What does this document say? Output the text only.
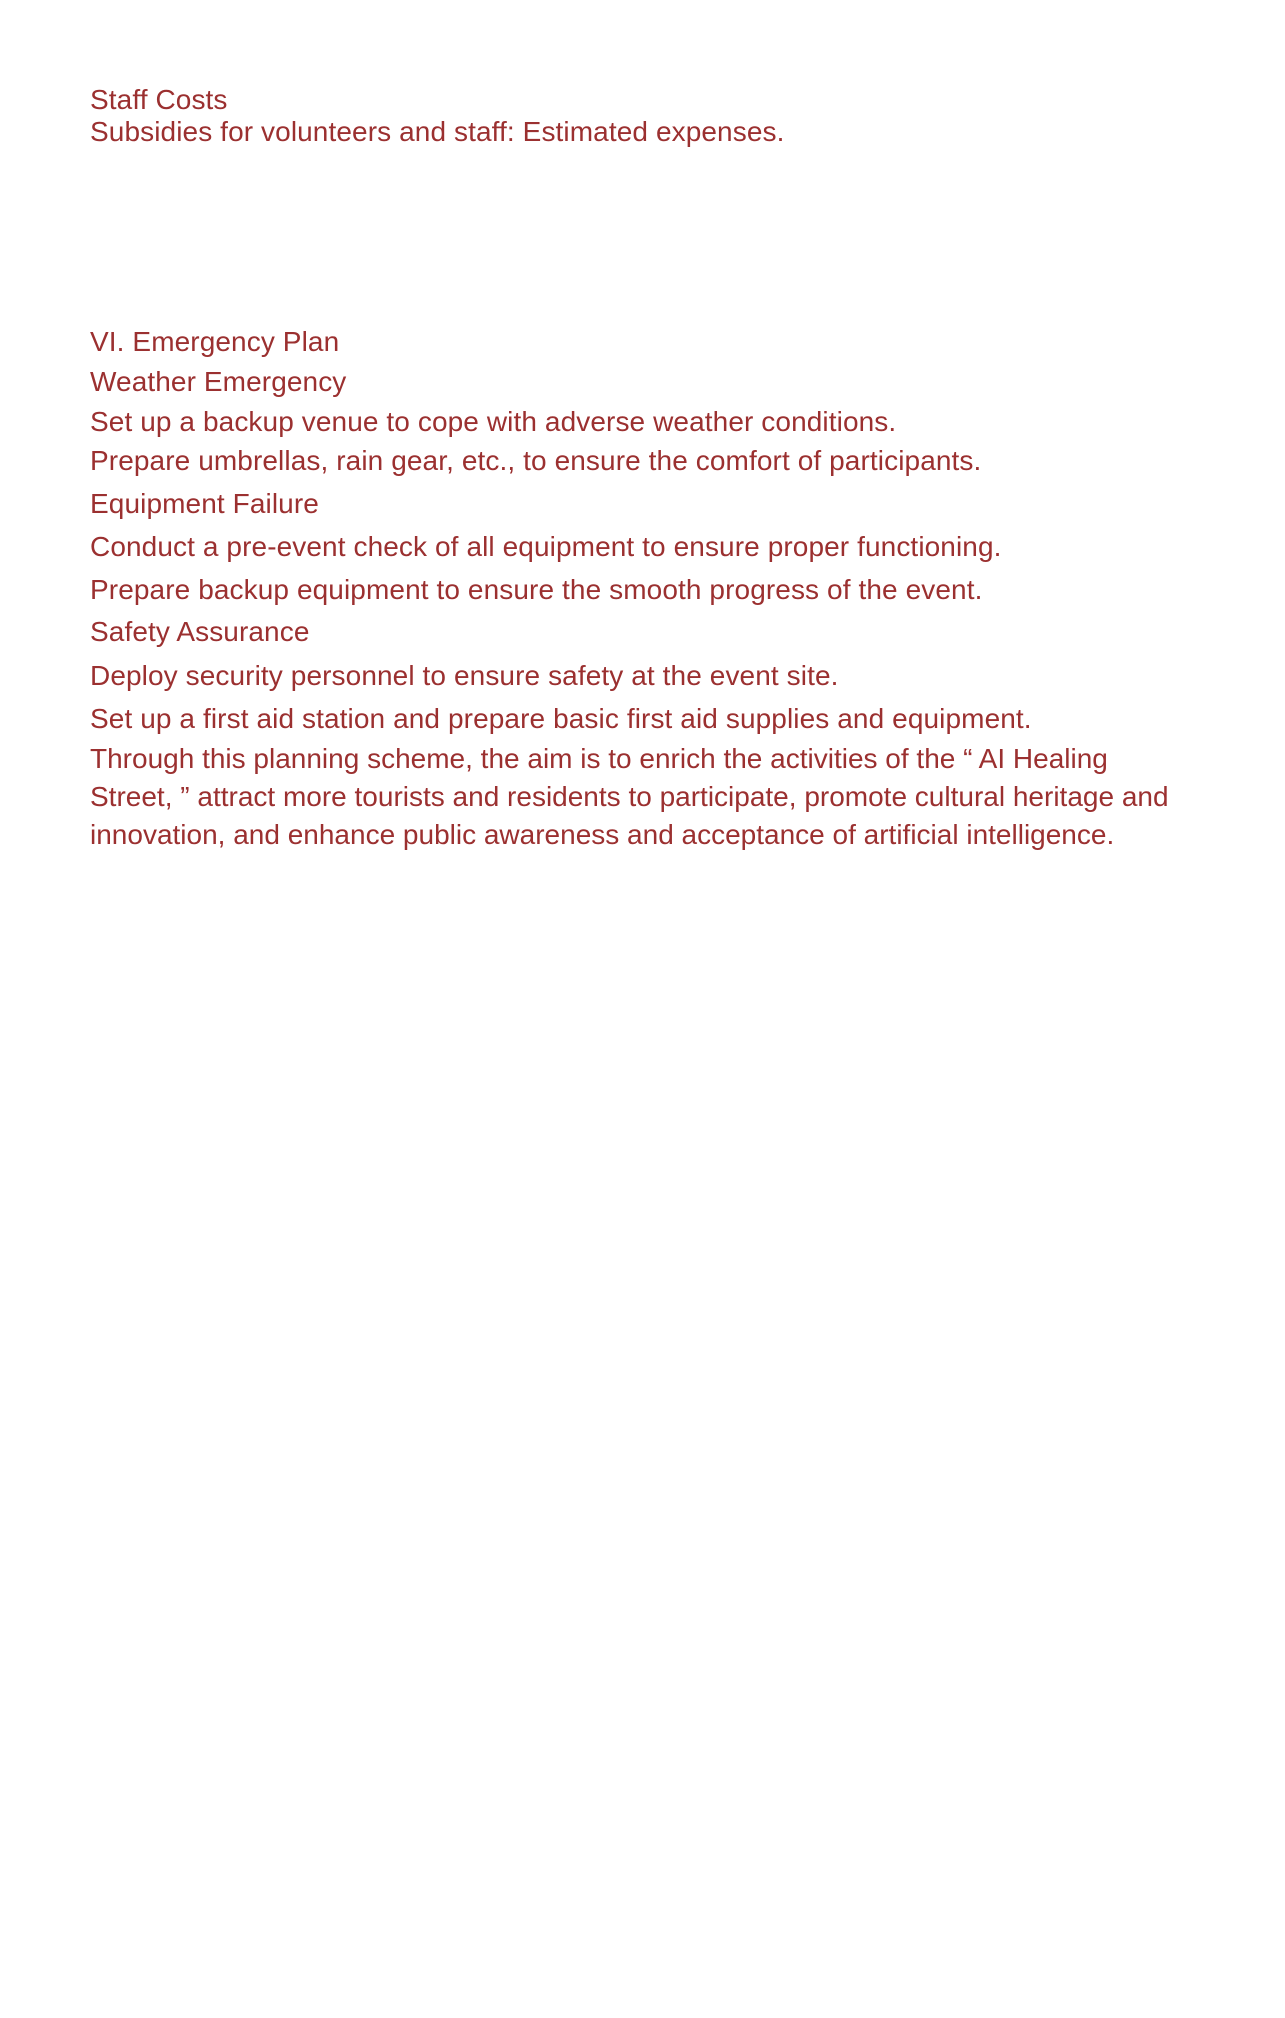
Staff Costs
Subsidies for volunteers and staff: Estimated expenses.
VI. Emergency Plan
Weather Emergency
Set up a backup venue to cope with adverse weather conditions.
Prepare umbrellas, rain gear, etc., to ensure the comfort of participants.
Equipment Failure
Conduct a pre-event check of all equipment to ensure proper functioning.
Prepare backup equipment to ensure the smooth progress of the event.
Safety Assurance
Deploy security personnel to ensure safety at the event site.
Set up a first aid station and prepare basic first aid supplies and equipment.
Through this planning scheme, the aim is to enrich the activities of the “ AI Healing Street, ” attract more tourists and residents to participate, promote cultural heritage and innovation, and enhance public awareness and acceptance of artificial intelligence.
